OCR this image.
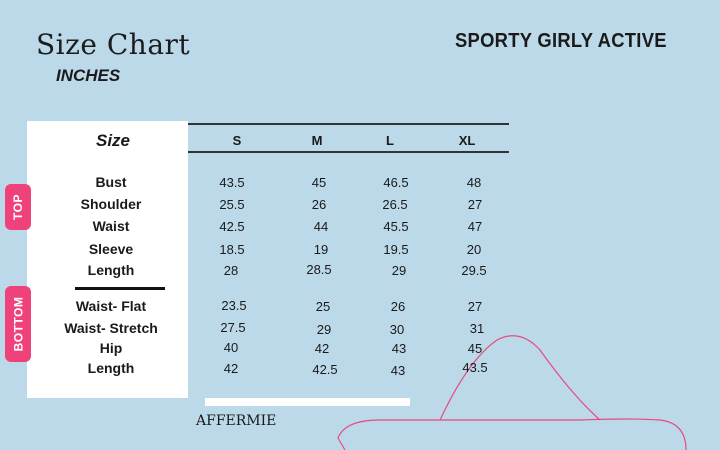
Size Chart
INCHES
SPORTY GIRLY ACTIVE
Size	S	M	L	XL
TOP
BOTTOM
Bust	43.5	45	46.5	48
Shoulder	25.5	26	26.5	27
Waist	42.5	44	45.5	47
Sleeve	18.5	19	19.5	20
Length	28	28.5	29	29.5
Waist- Flat	23.5	25	26	27
Waist- Stretch	27.5	29	30	31
Hip	40	42	43	45
Length	42	42.5	43	43.5
AFFERMIE
